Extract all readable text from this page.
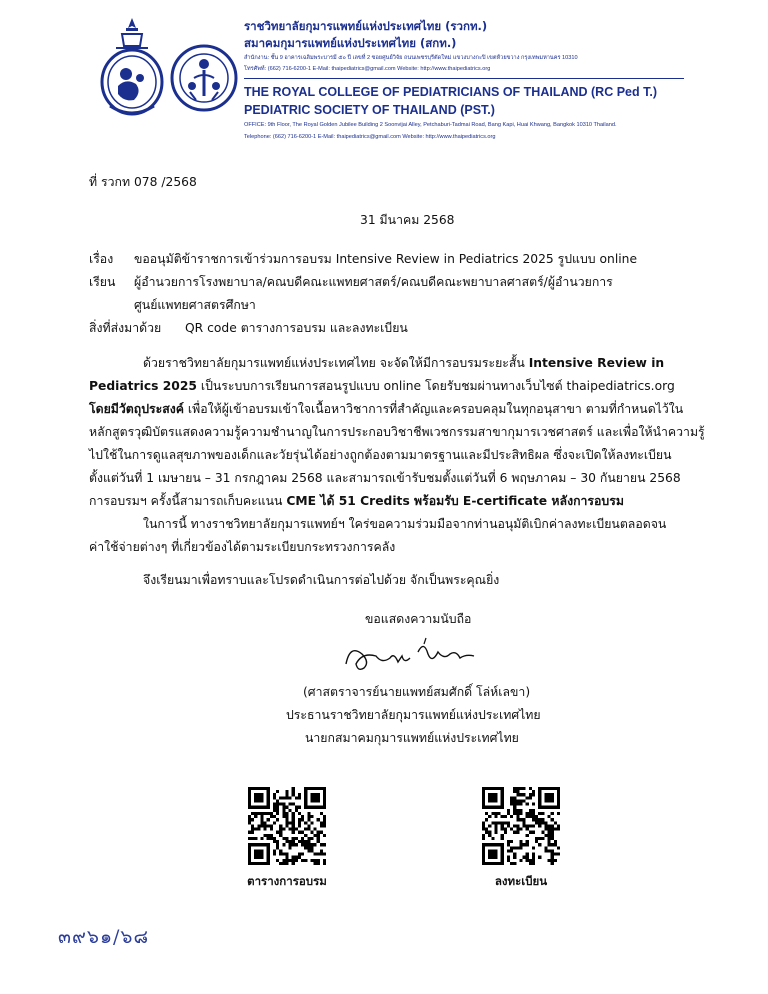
ราชวิทยาลัยกุมารแพทย์แห่งประเทศไทย (รวกท.)
สมาคมกุมารแพทย์แห่งประเทศไทย (สกท.)
สำนักงาน: ชั้น 9 อาคารเฉลิมพระบารมี ๕๐ ปี เลขที่ 2 ซอยศูนย์วิจัย ถนนเพชรบุรีตัดใหม่ แขวงบางกะปิ เขตห้วยขวาง กรุงเทพมหานคร 10310
โทรศัพท์: (662) 716-6200-1 E-Mail: thaipediatrics@gmail.com Website: http://www.thaipediatrics.org
THE ROYAL COLLEGE OF PEDIATRICIANS OF THAILAND (RC Ped T.)
PEDIATRIC SOCIETY OF THAILAND (PST.)
OFFICE: 9th Floor, The Royal Golden Jubilee Building 2 Soonvijai Alley, Petchaburi-Tadmai Road, Bang Kapi, Huai Khwang, Bangkok 10310 Thailand.
Telephone: (662) 716-6200-1 E-Mail: thaipediatrics@gmail.com Website: http://www.thaipediatrics.org
ที่ รวกท 078 /2568
31 มีนาคม 2568
เรื่อง ขออนุมัติข้าราชการเข้าร่วมการอบรม Intensive Review in Pediatrics 2025 รูปแบบ online
เรียน ผู้อำนวยการโรงพยาบาล/คณบดีคณะแพทยศาสตร์/คณบดีคณะพยาบาลศาสตร์/ผู้อำนวยการ
ศูนย์แพทยศาสตรศึกษา
สิ่งที่ส่งมาด้วย QR code ตารางการอบรม และลงทะเบียน
ด้วยราชวิทยาลัยกุมารแพทย์แห่งประเทศไทย จะจัดให้มีการอบรมระยะสั้น Intensive Review in
Pediatrics 2025 เป็นระบบการเรียนการสอนรูปแบบ online โดยรับชมผ่านทางเว็บไซต์ thaipediatrics.org
โดยมีวัตถุประสงค์ เพื่อให้ผู้เข้าอบรมเข้าใจเนื้อหาวิชาการที่สำคัญและครอบคลุมในทุกอนุสาขา ตามที่กำหนดไว้ใน
หลักสูตรวุฒิบัตรแสดงความรู้ความชำนาญในการประกอบวิชาชีพเวชกรรมสาขากุมารเวชศาสตร์ และเพื่อให้นำความรู้
ไปใช้ในการดูแลสุขภาพของเด็กและวัยรุ่นได้อย่างถูกต้องตามมาตรฐานและมีประสิทธิผล ซึ่งจะเปิดให้ลงทะเบียน
ตั้งแต่วันที่ 1 เมษายน – 31 กรกฎาคม 2568 และสามารถเข้ารับชมตั้งแต่วันที่ 6 พฤษภาคม – 30 กันยายน 2568
การอบรมฯ ครั้งนี้สามารถเก็บคะแนน CME ได้ 51 Credits พร้อมรับ E-certificate หลังการอบรม
ในการนี้ ทางราชวิทยาลัยกุมารแพทย์ฯ ใคร่ขอความร่วมมือจากท่านอนุมัติเบิกค่าลงทะเบียนตลอดจน
ค่าใช้จ่ายต่างๆ ที่เกี่ยวข้องได้ตามระเบียบกระทรวงการคลัง
จึงเรียนมาเพื่อทราบและโปรดดำเนินการต่อไปด้วย จักเป็นพระคุณยิ่ง
ขอแสดงความนับถือ
(ศาสตราจารย์นายแพทย์สมศักดิ์ โล่ห์เลขา)
ประธานราชวิทยาลัยกุมารแพทย์แห่งประเทศไทย
นายกสมาคมกุมารแพทย์แห่งประเทศไทย
ตารางการอบรม	ลงทะเบียน
๓๙๖๑/๖๘
